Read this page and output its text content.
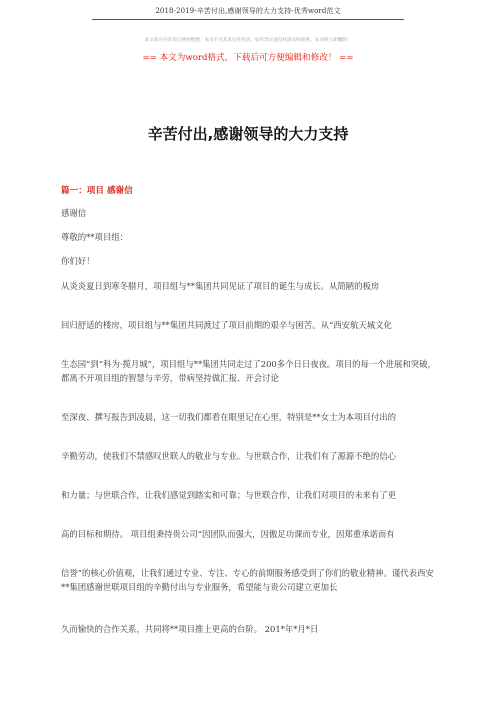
2018-2019-辛苦付出,感谢领导的大力支持-优秀word范文
本文部分内容来自网络整理，本司不为其真实性负责，如有异议或侵权请及时联系，本司将立即删除！
== 本文为word格式，下载后可方便编辑和修改！ ==
辛苦付出,感谢领导的大力支持
篇一：项目 感谢信

感谢信

尊敬的**项目组：

你们好！

从炎炎夏日到寒冬腊月，项目组与**集团共同见证了项目的诞生与成长。从简陋的板房

回归舒适的楼房，项目组与**集团共同渡过了项目前期的艰辛与困苦。从“西安航天城文化

生态园”到“科为·揽月城”，项目组与**集团共同走过了200多个日日夜夜。项目的每一个进展和突破，都离不开项目组的智慧与辛劳，带病坚持做汇报、开会讨论

至深夜、撰写报告到凌晨，这一切我们都看在眼里记在心里，特别是**女士为本项目付出的

辛勤劳动，使我们不禁感叹世联人的敬业与专业。与世联合作，让我们有了源源不绝的信心

和力量；与世联合作，让我们感觉到踏实和可靠；与世联合作，让我们对项目的未来有了更

高的目标和期待。 项目组秉持贵公司“因团队而强大，因傲足功课而专业，因郑重承诺而有

信誉”的核心价值观，让我们通过专业、专注、专心的前期服务感受到了你们的敬业精神。谨代表西安**集团感谢世联项目组的辛勤付出与专业服务，希望能与贵公司建立更加长

久而愉快的合作关系，共同将**项目推上更高的台阶。 201*年*月*日
